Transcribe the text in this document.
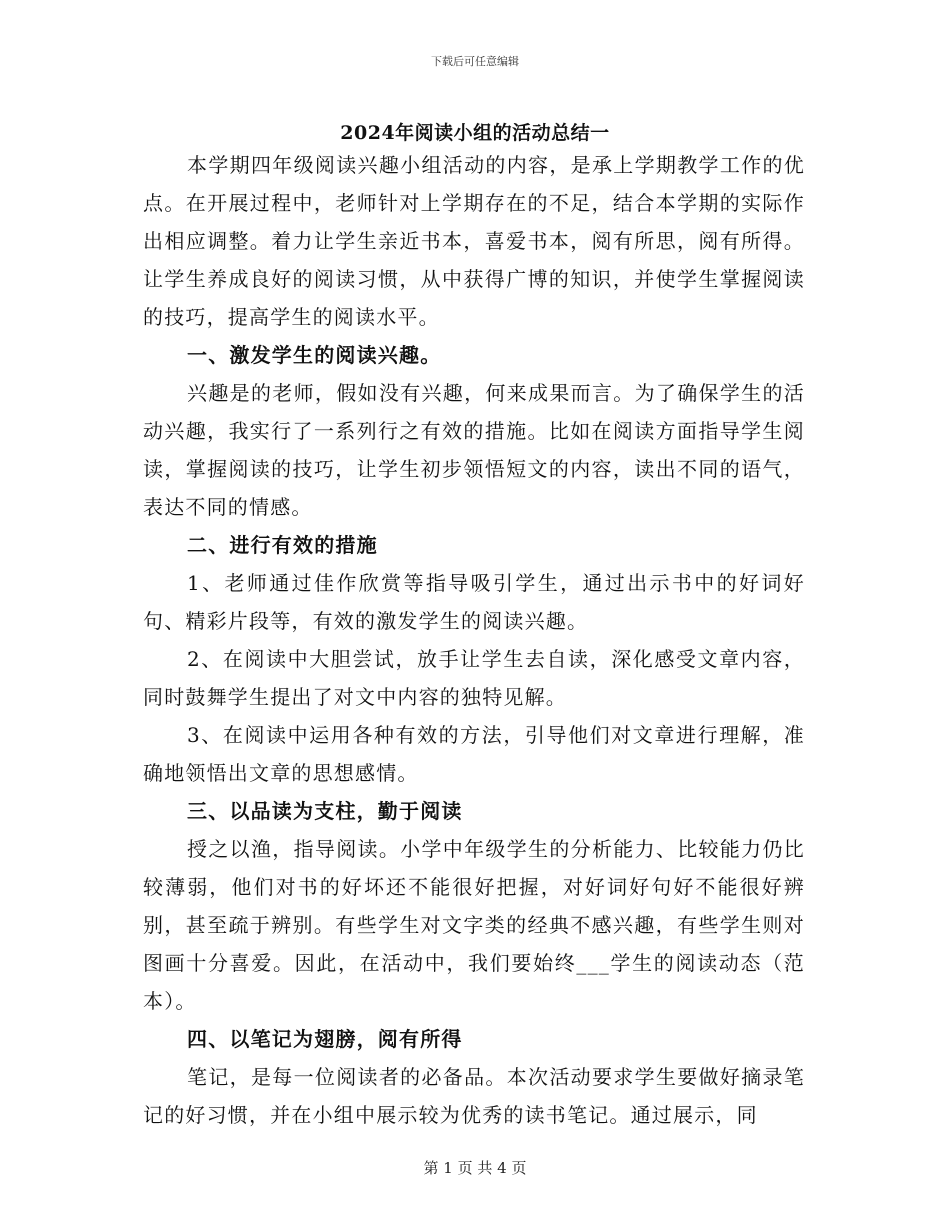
下载后可任意编辑
2024年阅读小组的活动总结一

本学期四年级阅读兴趣小组活动的内容，是承上学期教学工作的优点。在开展过程中，老师针对上学期存在的不足，结合本学期的实际作出相应调整。着力让学生亲近书本，喜爱书本，阅有所思，阅有所得。让学生养成良好的阅读习惯，从中获得广博的知识，并使学生掌握阅读的技巧，提高学生的阅读水平。

一、激发学生的阅读兴趣。

兴趣是的老师，假如没有兴趣，何来成果而言。为了确保学生的活动兴趣，我实行了一系列行之有效的措施。比如在阅读方面指导学生阅读，掌握阅读的技巧，让学生初步领悟短文的内容，读出不同的语气，表达不同的情感。

二、进行有效的措施

1、老师通过佳作欣赏等指导吸引学生，通过出示书中的好词好句、精彩片段等，有效的激发学生的阅读兴趣。

2、在阅读中大胆尝试，放手让学生去自读，深化感受文章内容，同时鼓舞学生提出了对文中内容的独特见解。

3、在阅读中运用各种有效的方法，引导他们对文章进行理解，准确地领悟出文章的思想感情。

三、以品读为支柱，勤于阅读

授之以渔，指导阅读。小学中年级学生的分析能力、比较能力仍比较薄弱，他们对书的好坏还不能很好把握，对好词好句好不能很好辨别，甚至疏于辨别。有些学生对文字类的经典不感兴趣，有些学生则对图画十分喜爱。因此，在活动中，我们要始终___学生的阅读动态（范本）。

四、以笔记为翅膀，阅有所得

笔记，是每一位阅读者的必备品。本次活动要求学生要做好摘录笔记的好习惯，并在小组中展示较为优秀的读书笔记。通过展示，同

第 1 页 共 4 页
